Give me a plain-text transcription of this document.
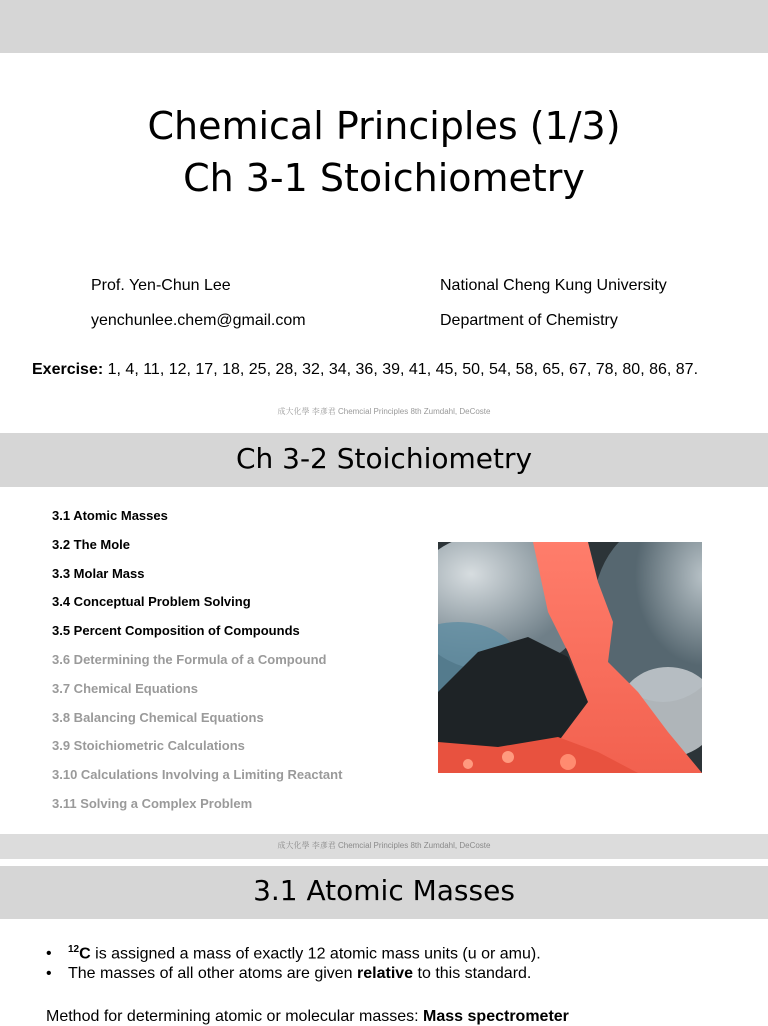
Chemical Principles (1/3)
Ch 3-1 Stoichiometry
Prof. Yen-Chun Lee
yenchunlee.chem@gmail.com
National Cheng Kung University
Department of Chemistry
Exercise: 1, 4, 11, 12, 17, 18, 25, 28, 32, 34, 36, 39, 41, 45, 50, 54, 58, 65, 67, 78, 80, 86, 87.
成大化學 李彥君 Chemcial Principles 8th Zumdahl, DeCoste
Ch 3-2 Stoichiometry
3.1 Atomic Masses
3.2 The Mole
3.3 Molar Mass
3.4 Conceptual Problem Solving
3.5 Percent Composition of Compounds
3.6 Determining the Formula of a Compound
3.7 Chemical Equations
3.8 Balancing Chemical Equations
3.9 Stoichiometric Calculations
3.10 Calculations Involving a Limiting Reactant
3.11 Solving a Complex Problem
成大化學 李彥君 Chemcial Principles 8th Zumdahl, DeCoste
3.1 Atomic Masses
• $^{12}$C is assigned a mass of exactly 12 atomic mass units (u or amu).
• The masses of all other atoms are given relative to this standard.
Method for determining atomic or molecular masses: Mass spectrometer
